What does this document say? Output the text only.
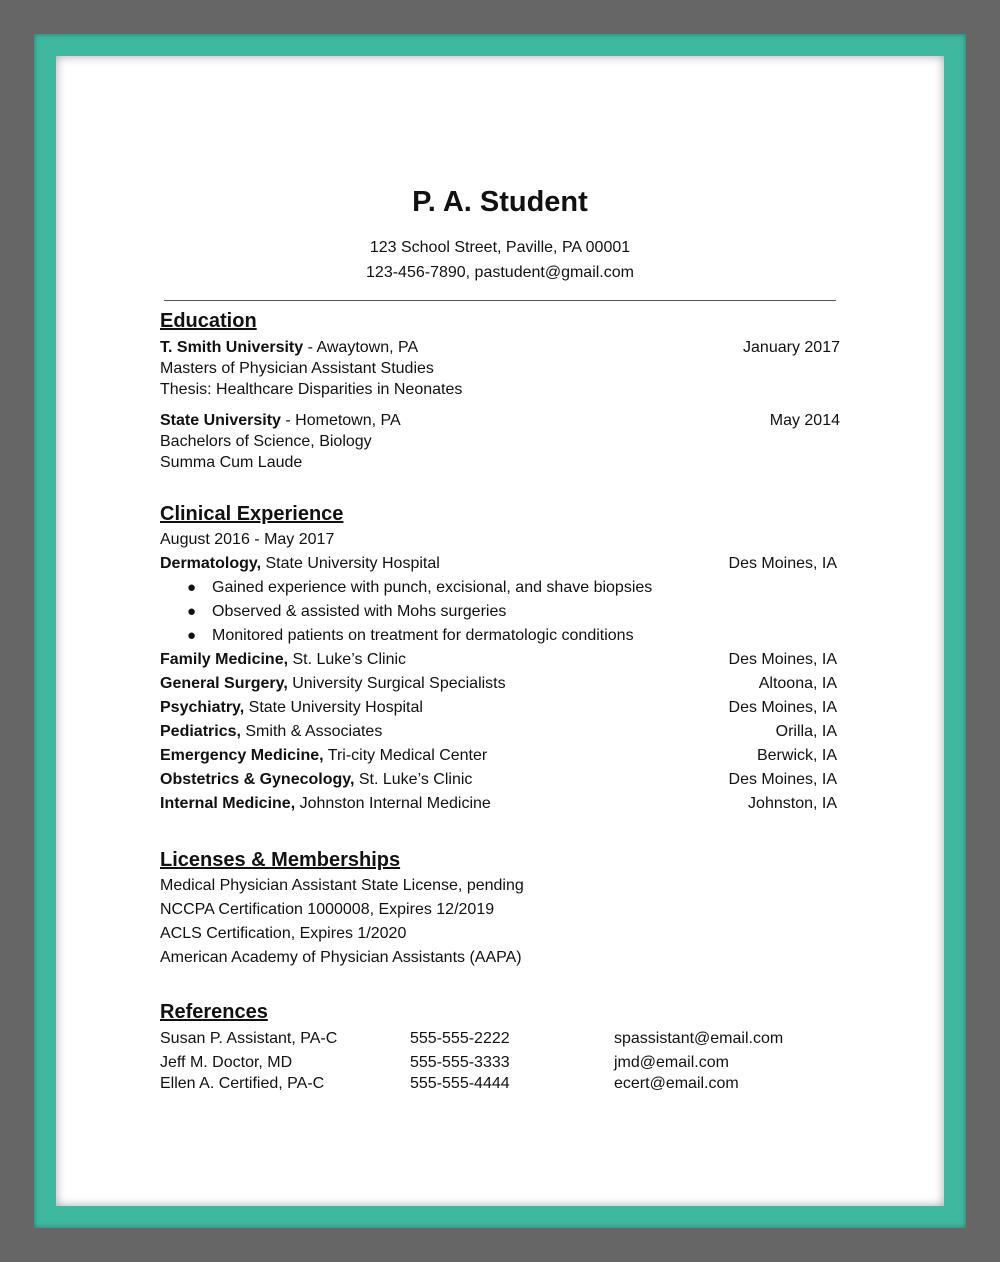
P. A. Student
123 School Street, Paville, PA 00001
123-456-7890, pastudent@gmail.com
Education
T. Smith University - Awaytown, PA	January 2017
Masters of Physician Assistant Studies
Thesis: Healthcare Disparities in Neonates
State University - Hometown, PA	May 2014
Bachelors of Science, Biology
Summa Cum Laude
Clinical Experience
August 2016 - May 2017
Dermatology, State University Hospital	Des Moines, IA
● Gained experience with punch, excisional, and shave biopsies
● Observed & assisted with Mohs surgeries
● Monitored patients on treatment for dermatologic conditions
Family Medicine, St. Luke’s Clinic	Des Moines, IA
General Surgery, University Surgical Specialists	Altoona, IA
Psychiatry, State University Hospital	Des Moines, IA
Pediatrics, Smith & Associates	Orilla, IA
Emergency Medicine, Tri-city Medical Center	Berwick, IA
Obstetrics & Gynecology, St. Luke’s Clinic	Des Moines, IA
Internal Medicine, Johnston Internal Medicine	Johnston, IA
Licenses & Memberships
Medical Physician Assistant State License, pending
NCCPA Certification 1000008, Expires 12/2019
ACLS Certification, Expires 1/2020
American Academy of Physician Assistants (AAPA)
References
Susan P. Assistant, PA-C	555-555-2222	spassistant@email.com
Jeff M. Doctor, MD	555-555-3333	jmd@email.com
Ellen A. Certified, PA-C	555-555-4444	ecert@email.com
